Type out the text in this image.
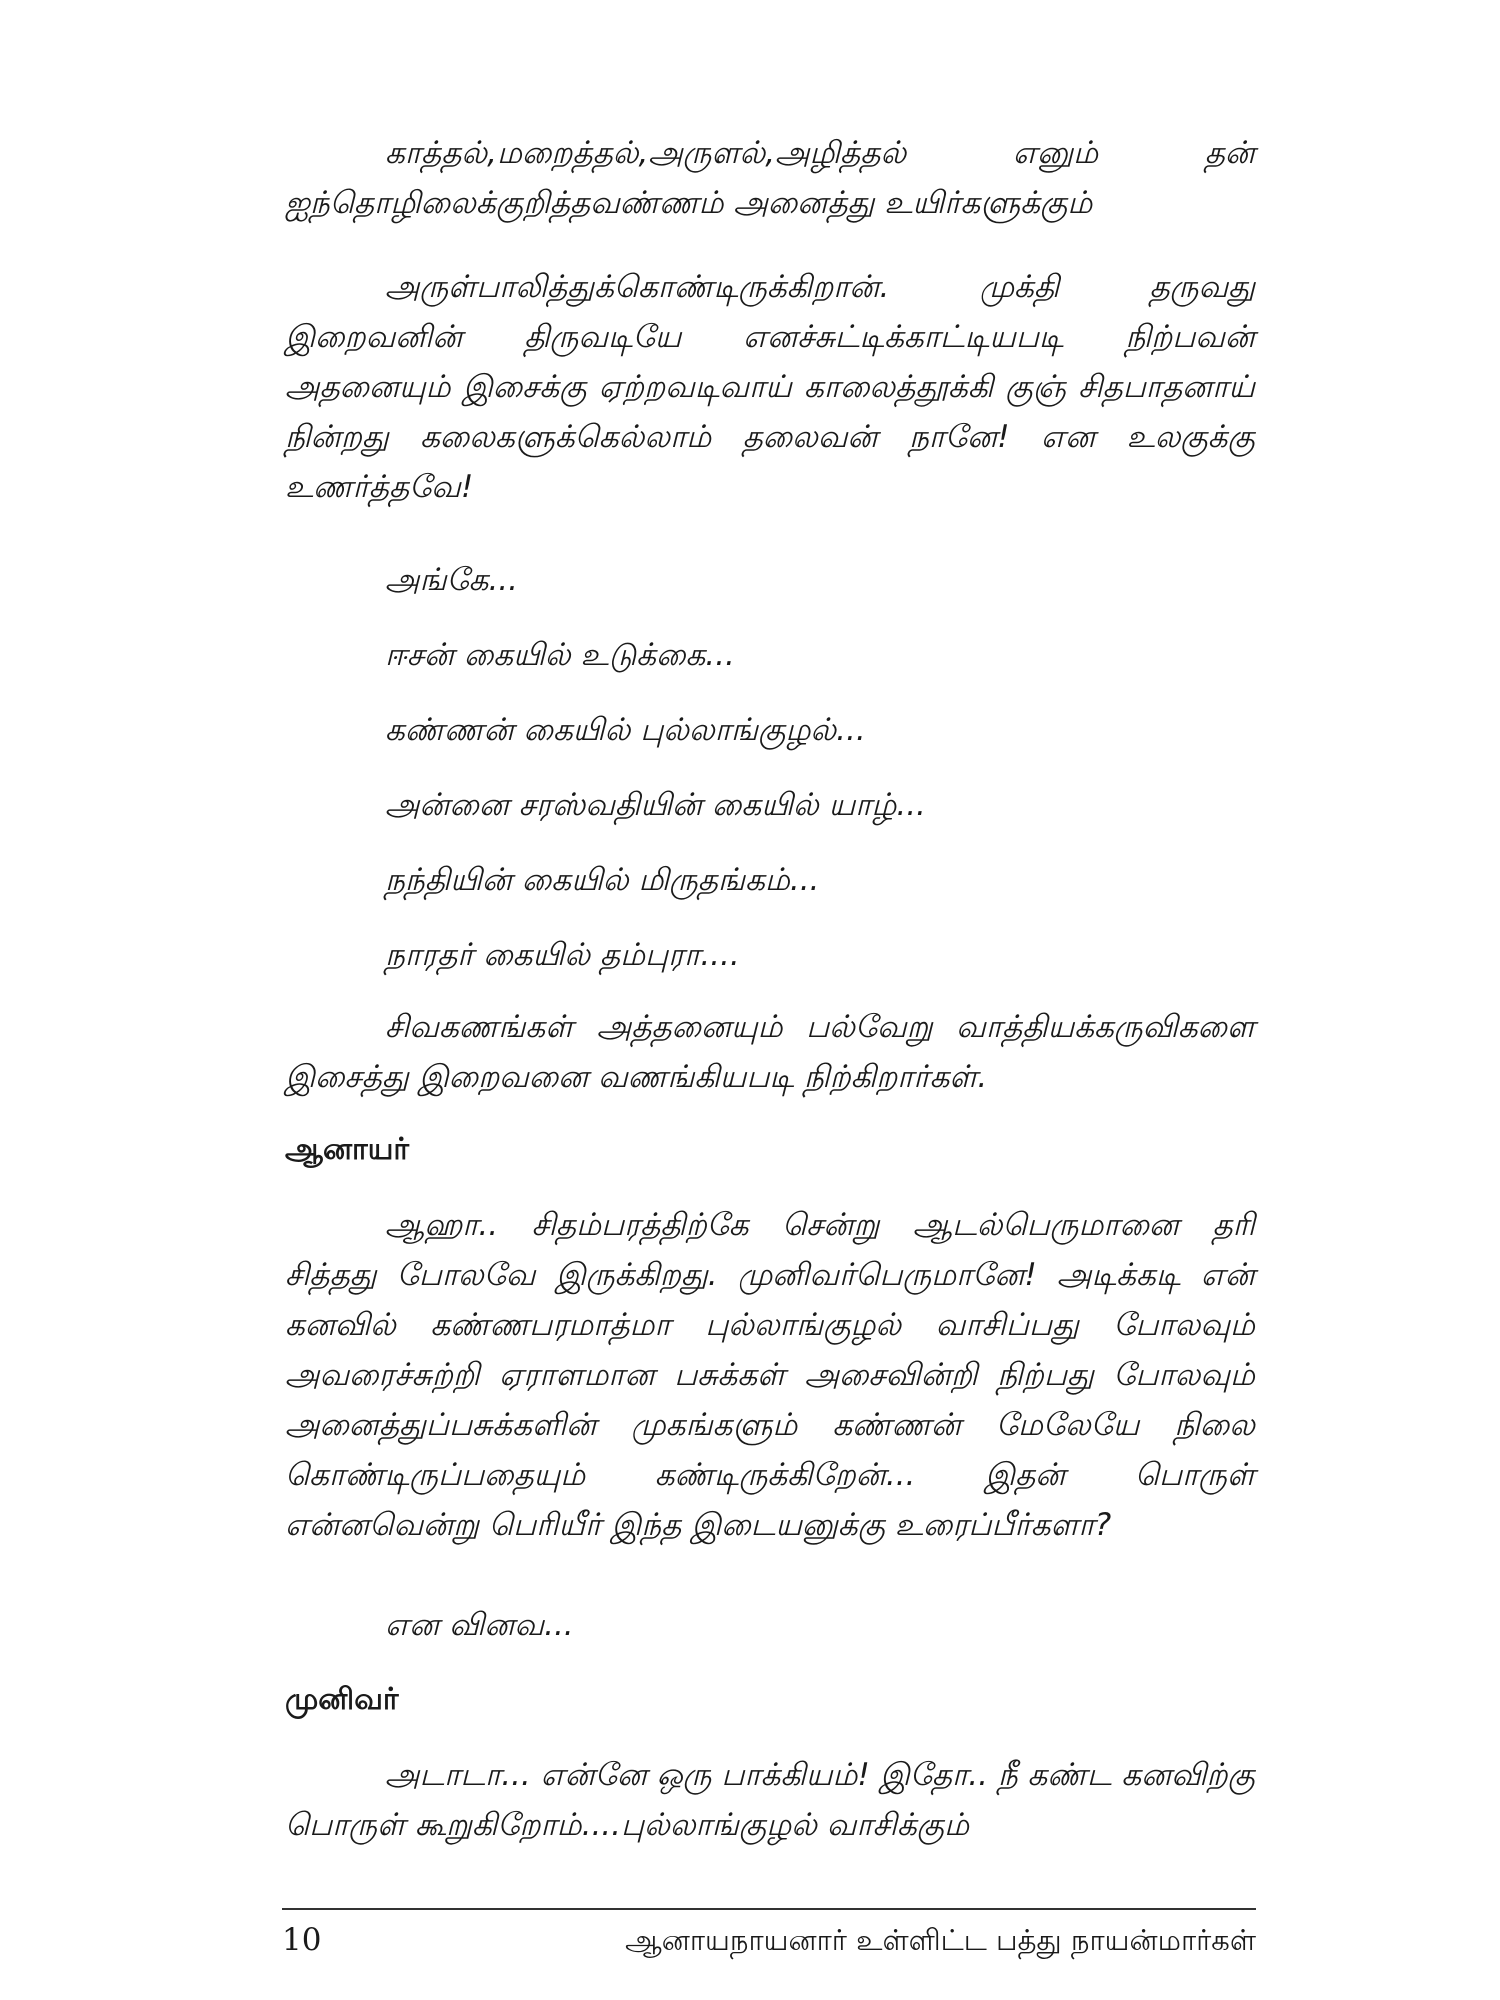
காத்தல்,மறைத்தல்,அருளல்,அழித்தல் எனும் தன் ஐந்தொழிலைக்குறித்தவண்ணம் அனைத்து உயிர்களுக்கும்

அருள்பாலித்துக்கொண்டிருக்கிறான். முக்தி தருவது இறைவனின் திருவடியே எனச்சுட்டிக்காட்டியபடி நிற்பவன் அதனையும் இசைக்கு ஏற்றவடிவாய் காலைத்தூக்கி குஞ் சிதபாதனாய் நின்றது கலைகளுக்கெல்லாம் தலைவன் நானே! என உலகுக்கு உணர்த்தவே!

அங்கே...

ஈசன் கையில் உடுக்கை...

கண்ணன் கையில் புல்லாங்குழல்...

அன்னை சரஸ்வதியின் கையில் யாழ்...

நந்தியின் கையில் மிருதங்கம்...

நாரதர் கையில் தம்புரா....

சிவகணங்கள் அத்தனையும் பல்வேறு வாத்தியக்கருவிகளை இசைத்து இறைவனை வணங்கியபடி நிற்கிறார்கள்.

ஆனாயர்

ஆஹா.. சிதம்பரத்திற்கே சென்று ஆடல்பெருமானை தரி சித்தது போலவே இருக்கிறது. முனிவர்பெருமானே! அடிக்கடி என் கனவில் கண்ணபரமாத்மா புல்லாங்குழல் வாசிப்பது போலவும் அவரைச்சுற்றி ஏராளமான பசுக்கள் அசைவின்றி நிற்பது போலவும் அனைத்துப்பசுக்களின் முகங்களும் கண்ணன் மேலேயே நிலை கொண்டிருப்பதையும் கண்டிருக்கிறேன்... இதன் பொருள் என்னவென்று பெரியீர் இந்த இடையனுக்கு உரைப்பீர்களா?

என வினவ...

முனிவர்

அடாடா... என்னே ஒரு பாக்கியம்! இதோ.. நீ கண்ட கனவிற்கு பொருள் கூறுகிறோம்....புல்லாங்குழல் வாசிக்கும்

10	ஆனாயநாயனார் உள்ளிட்ட பத்து நாயன்மார்கள்
